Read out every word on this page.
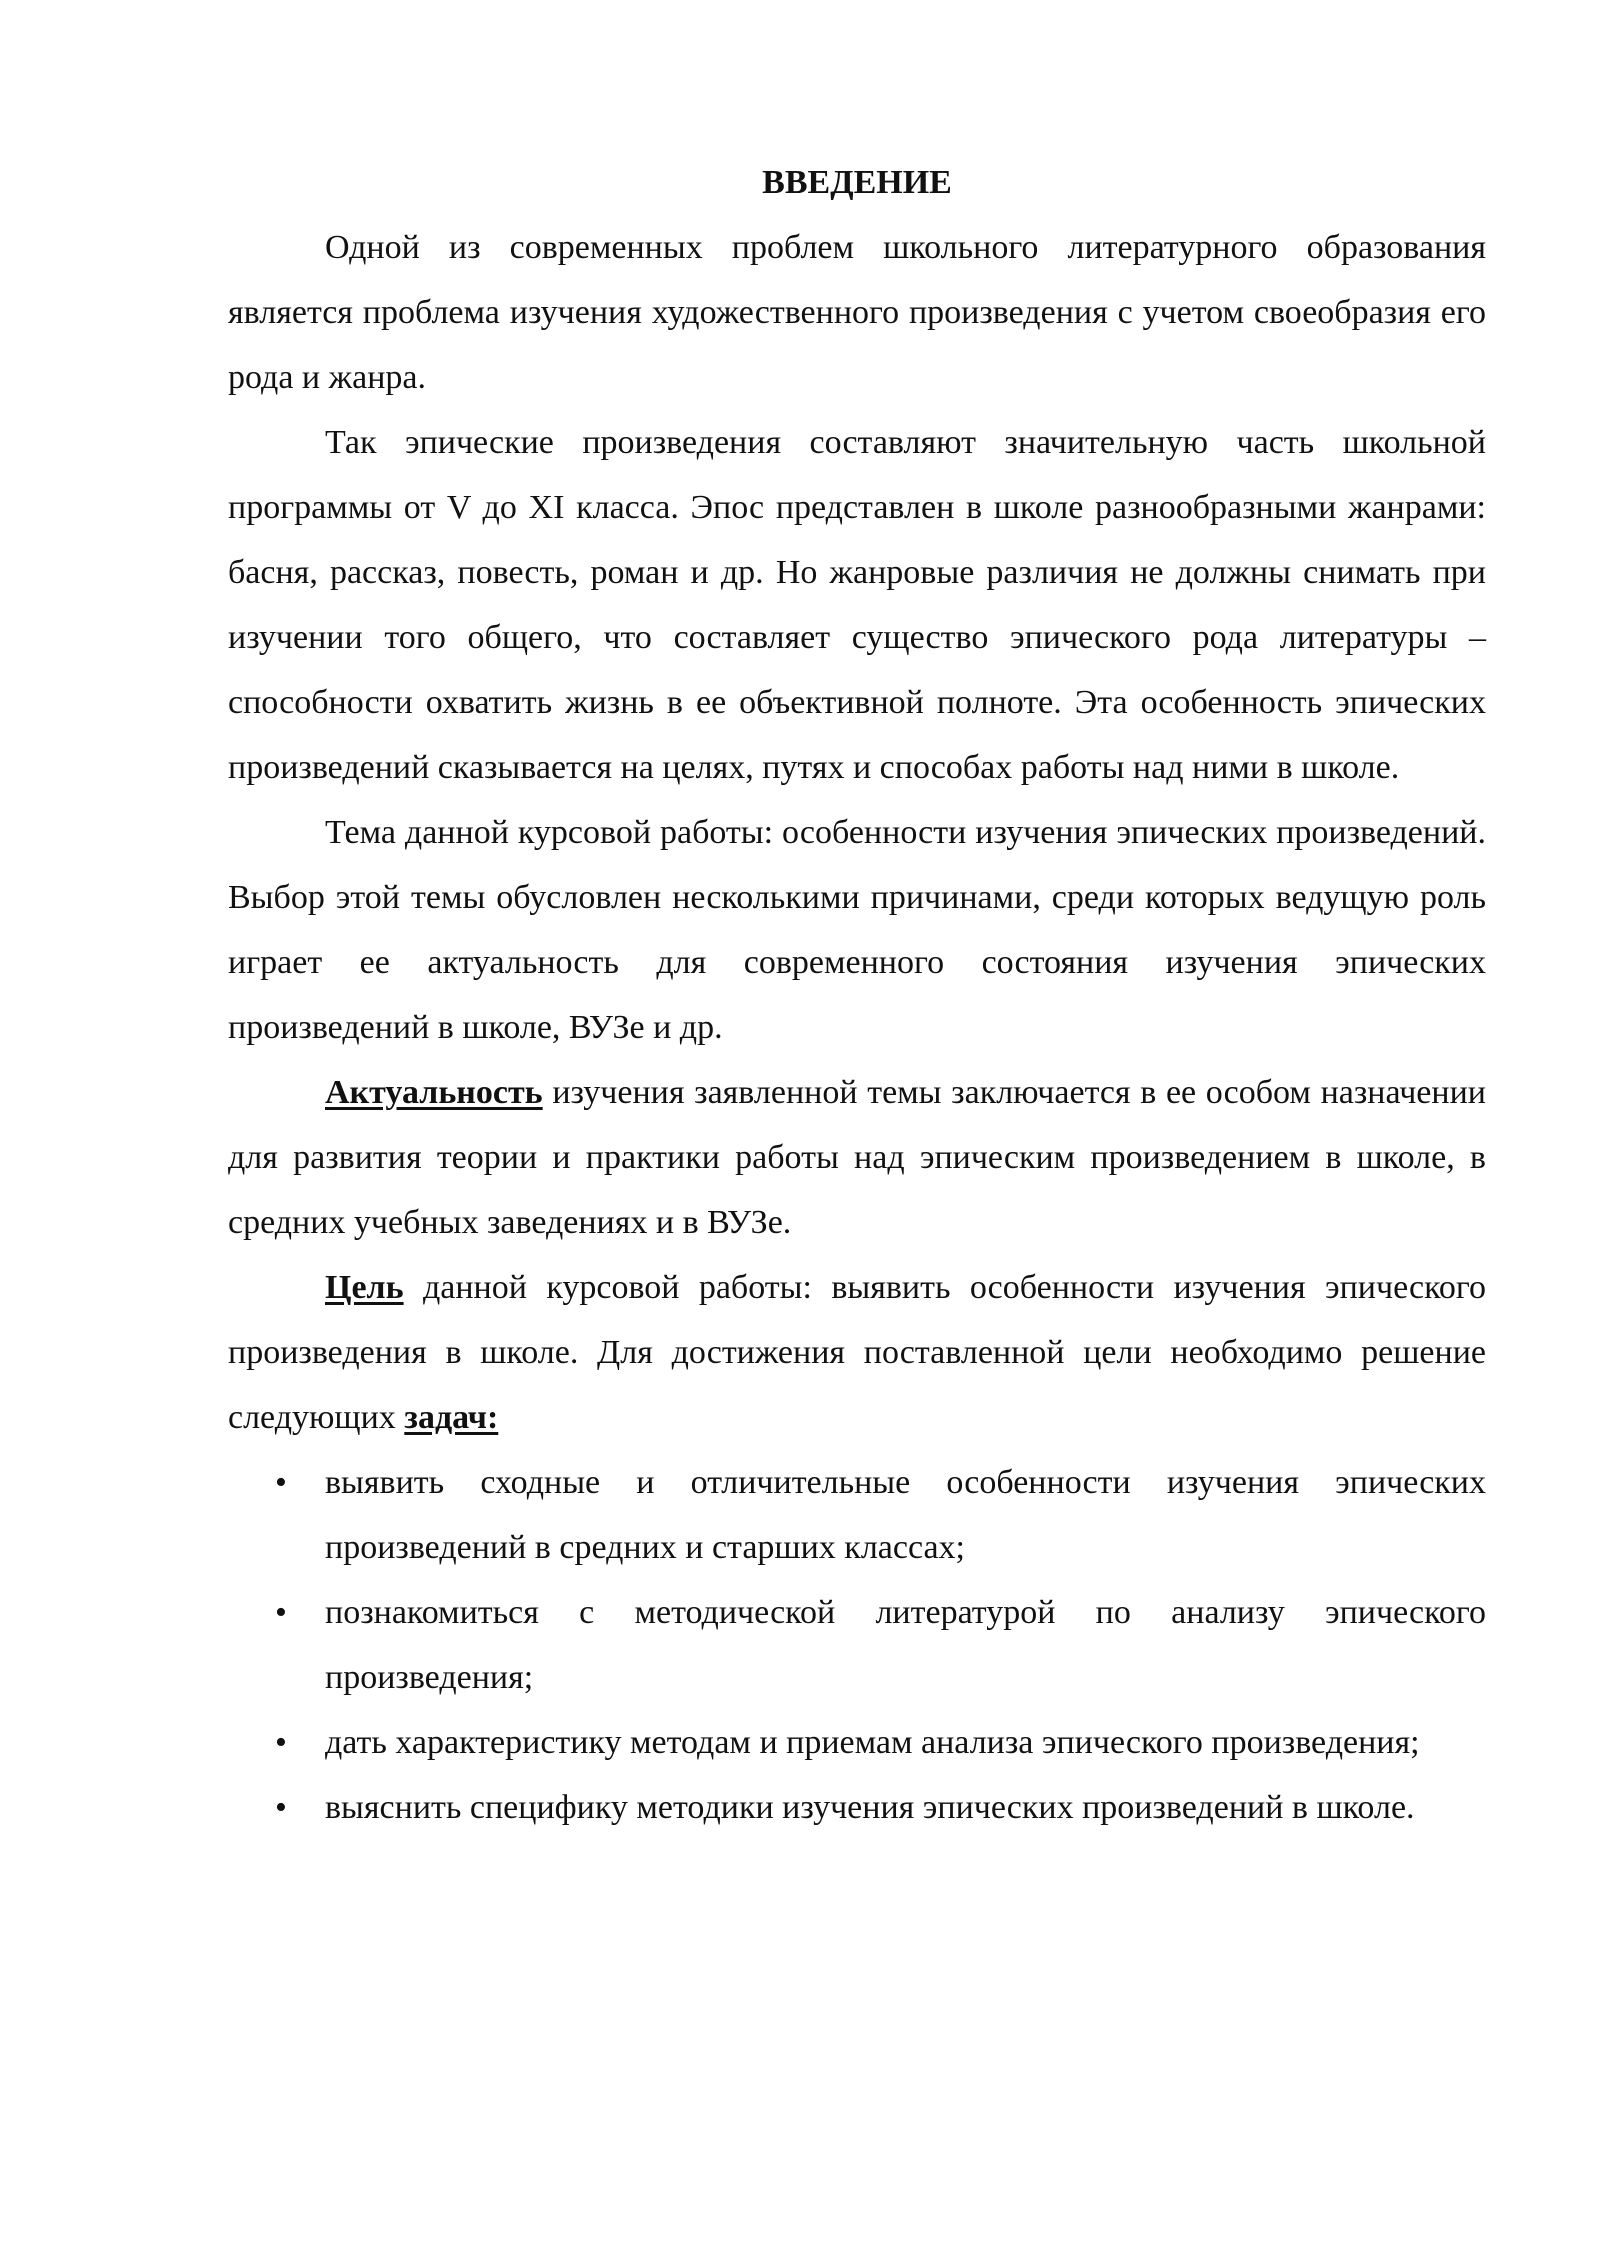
ВВЕДЕНИЕ

Одной из современных проблем школьного литературного образования является проблема изучения художественного произведения с учетом своеобразия его рода и жанра.

Так эпические произведения составляют значительную часть школьной программы от V до XI класса. Эпос представлен в школе разнообразными жанрами: басня, рассказ, повесть, роман и др. Но жанровые различия не должны снимать при изучении того общего, что составляет существо эпического рода литературы – способности охватить жизнь в ее объективной полноте. Эта особенность эпических произведений сказывается на целях, путях и способах работы над ними в школе.

Тема данной курсовой работы: особенности изучения эпических произведений. Выбор этой темы обусловлен несколькими причинами, среди которых ведущую роль играет ее актуальность для современного состояния изучения эпических произведений в школе, ВУЗе и др.

Актуальность изучения заявленной темы заключается в ее особом назначении для развития теории и практики работы над эпическим произведением в школе, в средних учебных заведениях и в ВУЗе.

Цель данной курсовой работы: выявить особенности изучения эпического произведения в школе. Для достижения поставленной цели необходимо решение следующих задач:

• выявить сходные и отличительные особенности изучения эпических произведений в средних и старших классах;
• познакомиться с методической литературой по анализу эпического произведения;
• дать характеристику методам и приемам анализа эпического произведения;
• выяснить специфику методики изучения эпических произведений в школе.
